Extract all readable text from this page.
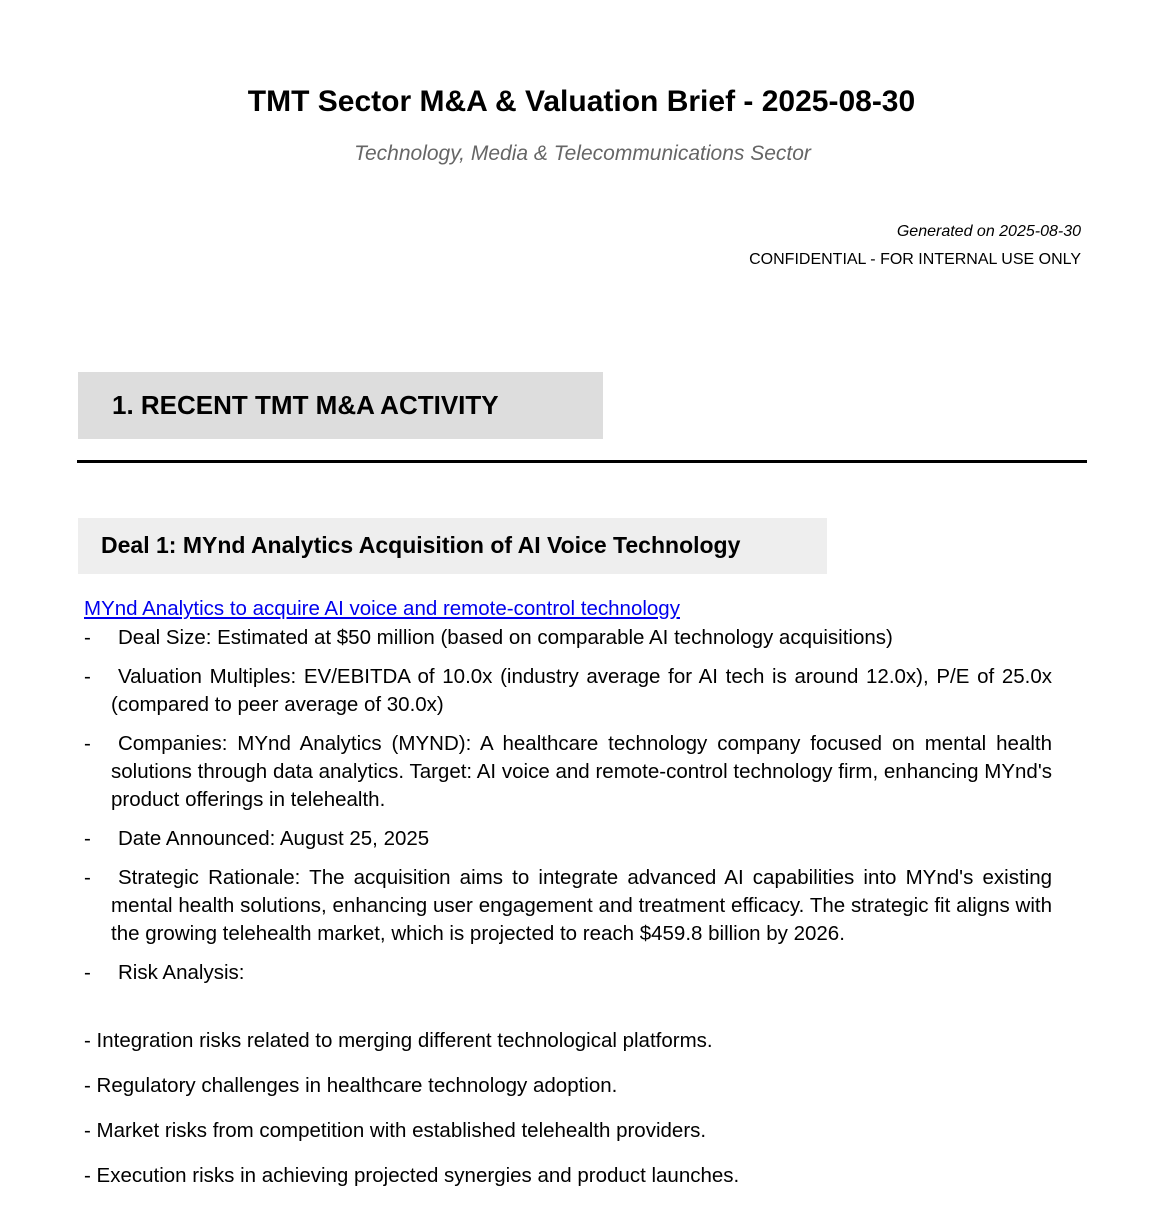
TMT Sector M&A & Valuation Brief - 2025-08-30
Technology, Media & Telecommunications Sector
Generated on 2025-08-30
CONFIDENTIAL - FOR INTERNAL USE ONLY
1. RECENT TMT M&A ACTIVITY
Deal 1: MYnd Analytics Acquisition of AI Voice Technology
MYnd Analytics to acquire AI voice and remote-control technology
-	Deal Size: Estimated at $50 million (based on comparable AI technology acquisitions)
-	Valuation Multiples: EV/EBITDA of 10.0x (industry average for AI tech is around 12.0x), P/E of 25.0x (compared to peer average of 30.0x)
-	Companies: MYnd Analytics (MYND): A healthcare technology company focused on mental health solutions through data analytics. Target: AI voice and remote-control technology firm, enhancing MYnd's product offerings in telehealth.
-	Date Announced: August 25, 2025
-	Strategic Rationale: The acquisition aims to integrate advanced AI capabilities into MYnd's existing mental health solutions, enhancing user engagement and treatment efficacy. The strategic fit aligns with the growing telehealth market, which is projected to reach $459.8 billion by 2026.
-	Risk Analysis:
- Integration risks related to merging different technological platforms.
- Regulatory challenges in healthcare technology adoption.
- Market risks from competition with established telehealth providers.
- Execution risks in achieving projected synergies and product launches.
